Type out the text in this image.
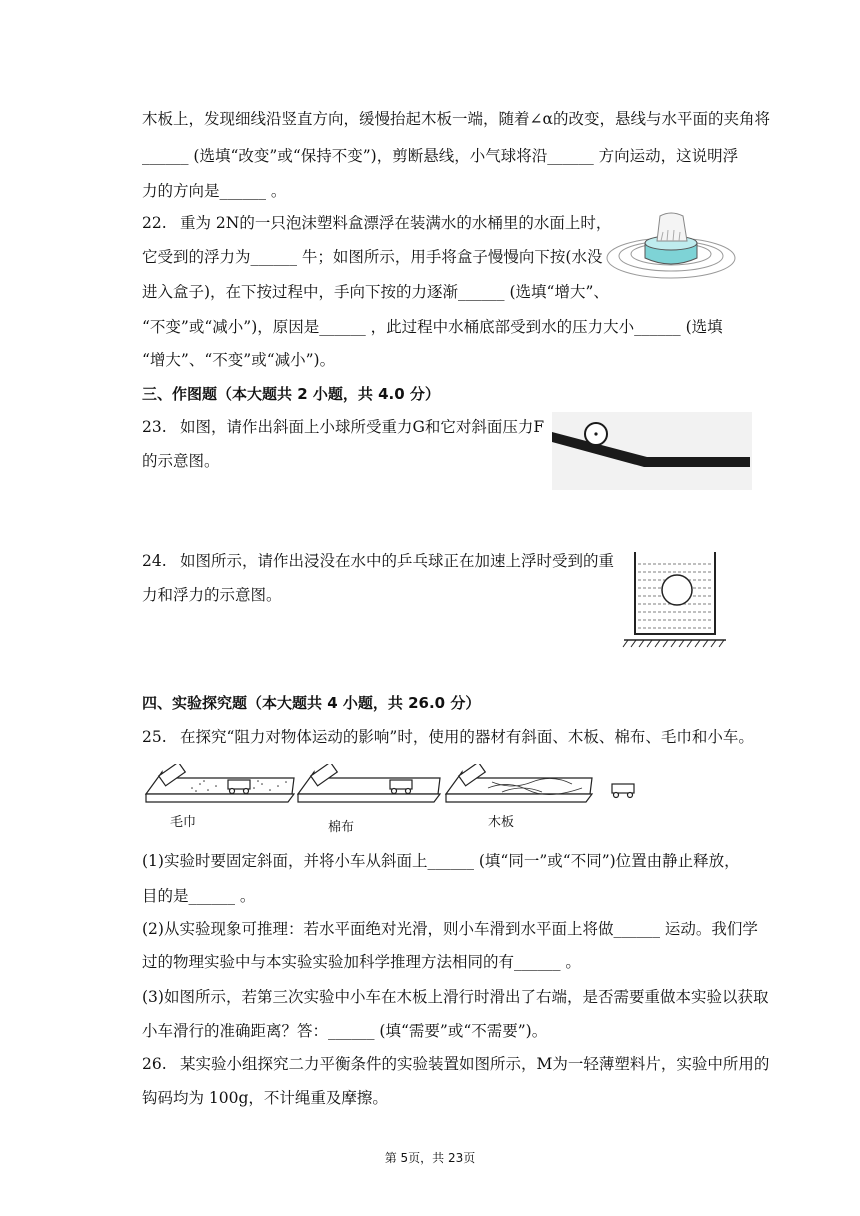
木板上，发现细线沿竖直方向，缓慢抬起木板一端，随着∠α的改变，悬线与水平面的夹角将
______ (选填“改变”或“保持不变”)，剪断悬线，小气球将沿______ 方向运动，这说明浮
力的方向是______ 。
22. 重为 2N的一只泡沫塑料盒漂浮在装满水的水桶里的水面上时，
它受到的浮力为______ 牛；如图所示，用手将盒子慢慢向下按(水没
进入盒子)，在下按过程中，手向下按的力逐渐______ (选填“增大”、
“不变”或“减小”)，原因是______ ，此过程中水桶底部受到水的压力大小______ (选填
“增大”、“不变”或“减小”)。
三、作图题（本大题共 2 小题，共 4.0 分）
23. 如图，请作出斜面上小球所受重力G和它对斜面压力F
的示意图。
24. 如图所示，请作出浸没在水中的乒乓球正在加速上浮时受到的重
力和浮力的示意图。
四、实验探究题（本大题共 4 小题，共 26.0 分）
25. 在探究“阻力对物体运动的影响”时，使用的器材有斜面、木板、棉布、毛巾和小车。
毛巾	棉布	木板
(1)实验时要固定斜面，并将小车从斜面上______ (填“同一”或“不同”)位置由静止释放，
目的是______ 。
(2)从实验现象可推理：若水平面绝对光滑，则小车滑到水平面上将做______ 运动。我们学
过的物理实验中与本实验实验加科学推理方法相同的有______ 。
(3)如图所示，若第三次实验中小车在木板上滑行时滑出了右端，是否需要重做本实验以获取
小车滑行的准确距离？答：______ (填“需要”或“不需要”)。
26. 某实验小组探究二力平衡条件的实验装置如图所示，M为一轻薄塑料片，实验中所用的
钩码均为 100g，不计绳重及摩擦。
第 5页，共 23页
